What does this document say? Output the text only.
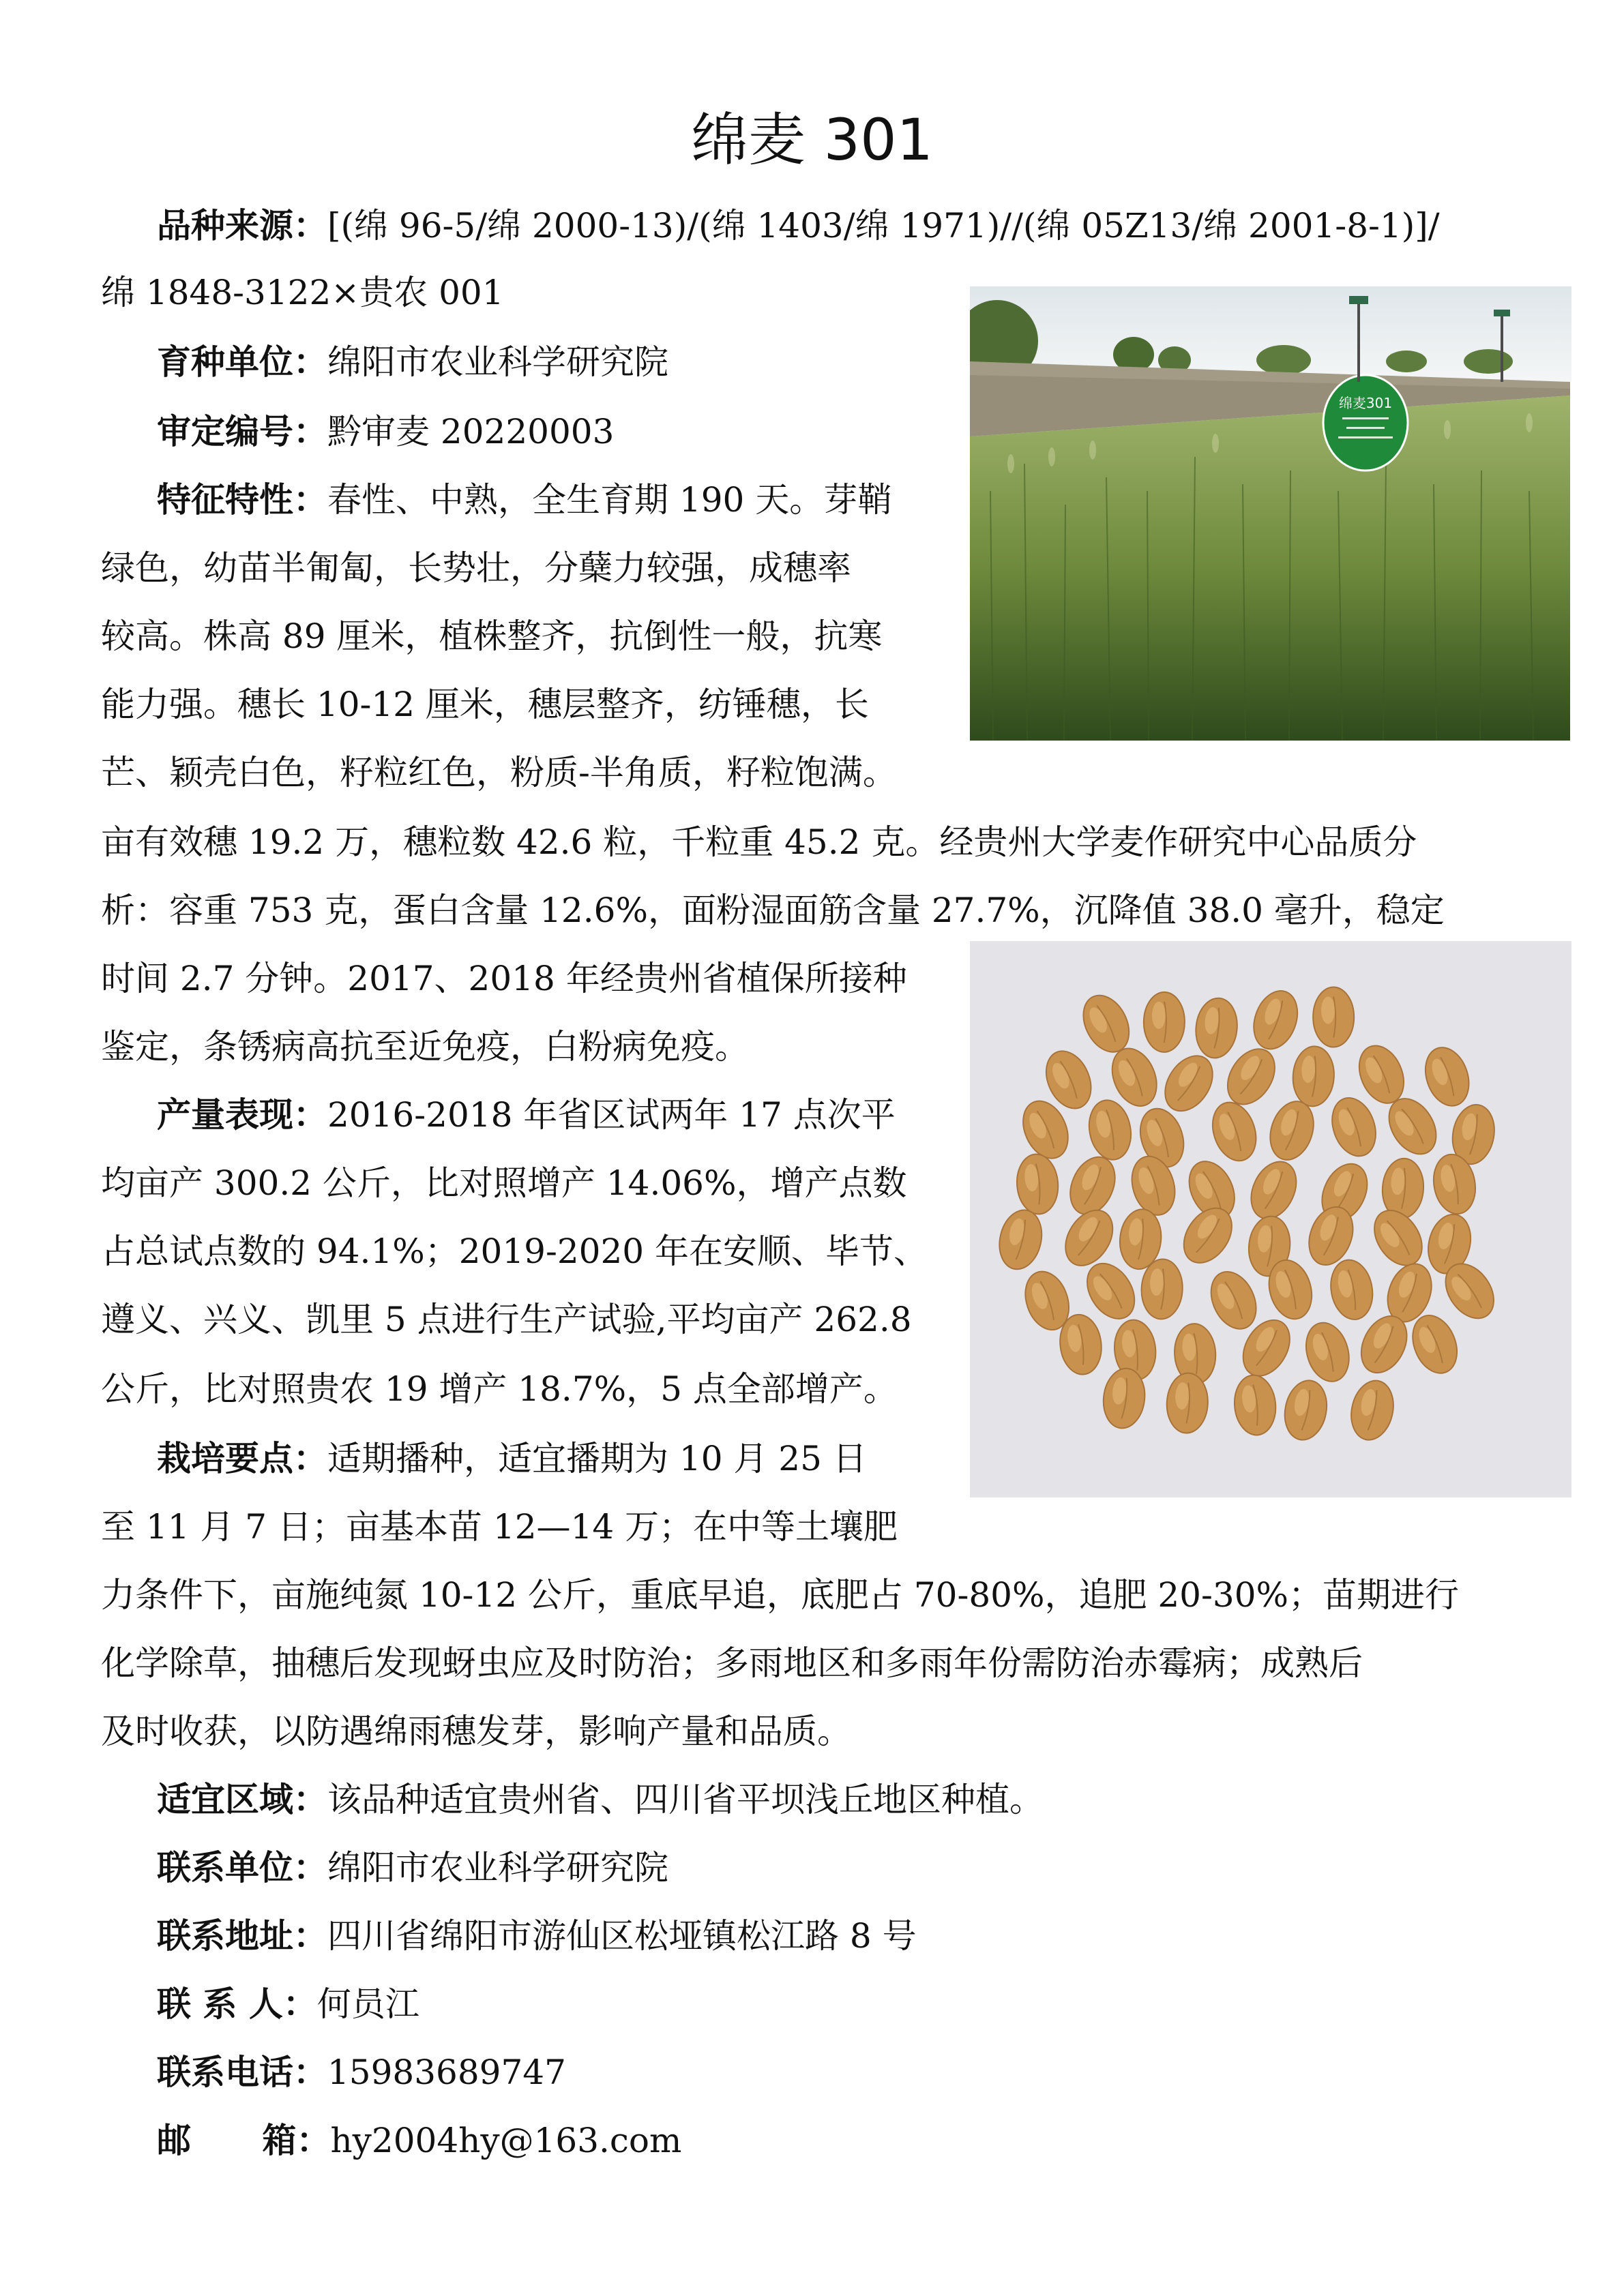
绵麦 301
品种来源：[(绵 96-5/绵 2000-13)/(绵 1403/绵 1971)//(绵 05Z13/绵 2001-8-1)]/
绵 1848-3122×贵农 001
育种单位：绵阳市农业科学研究院
审定编号：黔审麦 20220003
特征特性：春性、中熟，全生育期 190 天。芽鞘
绿色，幼苗半匍匐，长势壮，分蘖力较强，成穗率
较高。株高 89 厘米，植株整齐，抗倒性一般，抗寒
能力强。穗长 10-12 厘米，穗层整齐，纺锤穗，长
芒、颖壳白色，籽粒红色，粉质-半角质，籽粒饱满。
亩有效穗 19.2 万，穗粒数 42.6 粒，千粒重 45.2 克。经贵州大学麦作研究中心品质分
析：容重 753 克，蛋白含量 12.6%，面粉湿面筋含量 27.7%，沉降值 38.0 毫升，稳定
时间 2.7 分钟。2017、2018 年经贵州省植保所接种
鉴定，条锈病高抗至近免疫，白粉病免疫。
产量表现：2016-2018 年省区试两年 17 点次平
均亩产 300.2 公斤，比对照增产 14.06%，增产点数
占总试点数的 94.1%；2019-2020 年在安顺、毕节、
遵义、兴义、凯里 5 点进行生产试验,平均亩产 262.8
公斤，比对照贵农 19 增产 18.7%，5 点全部增产。
栽培要点：适期播种，适宜播期为 10 月 25 日
至 11 月 7 日；亩基本苗 12—14 万；在中等土壤肥
力条件下，亩施纯氮 10-12 公斤，重底早追，底肥占 70-80%，追肥 20-30%；苗期进行
化学除草，抽穗后发现蚜虫应及时防治；多雨地区和多雨年份需防治赤霉病；成熟后
及时收获，以防遇绵雨穗发芽，影响产量和品质。
适宜区域：该品种适宜贵州省、四川省平坝浅丘地区种植。
联系单位：绵阳市农业科学研究院
联系地址：四川省绵阳市游仙区松垭镇松江路 8 号
联 系 人：何员江
联系电话：15983689747
邮      箱：hy2004hy@163.com
绵麦301
